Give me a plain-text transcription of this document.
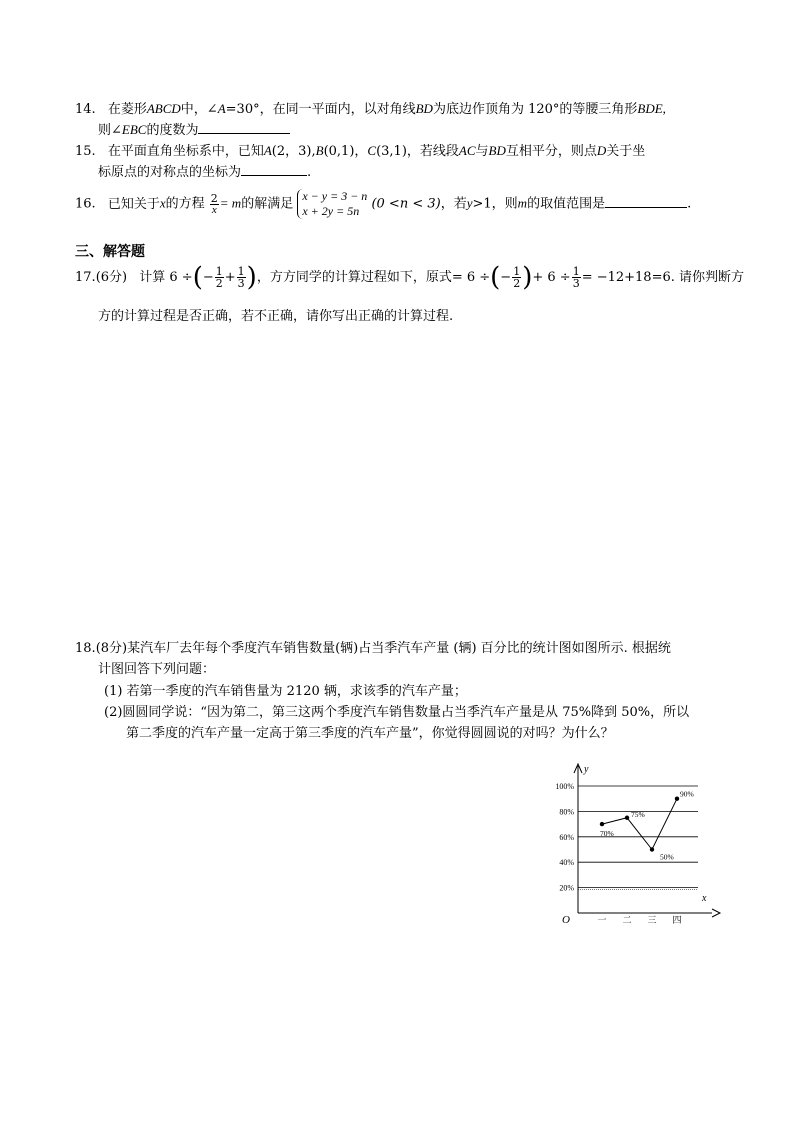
14. 在菱形ABCD中，∠A=30°，在同一平面内，以对角线BD为底边作顶角为 120°的等腰三角形BDE,
则∠EBC的度数为
15. 在平面直角坐标系中，已知A(2，3),B(0,1)，C(3,1)，若线段AC与BD互相平分，则点D关于坐
标原点的对称点的坐标为	.
16. 已知关于x的方程 $\frac{2}{x} = m$的解满足
x − y = 3 − n
x + 2y = 5n (0 <n < 3)，若y>1，则m的取值范围是	.
三、解答题
17.(6分) 计算 6 ÷(− $\frac{1}{2} + \frac{1}{3}$ )，方方同学的计算过程如下，原式= 6 ÷(− $\frac{1}{2}$ )+ $6 \div \frac{1}{3} = -12+18=6$. 请你判断方
方的计算过程是否正确，若不正确，请你写出正确的计算过程.
18.(8分)某汽车厂去年每个季度汽车销售数量(辆)占当季汽车产量 (辆) 百分比的统计图如图所示. 根据统
计图回答下列问题：
(1) 若第一季度的汽车销售量为 2120 辆，求该季的汽车产量；
(2)圆圆同学说：“因为第二，第三这两个季度汽车销售数量占当季汽车产量是从 75%降到 50%，所以
第二季度的汽车产量一定高于第三季度的汽车产量”，你觉得圆圆说的对吗？为什么？
20%
40%
60%
80%
100%
y
x
O	一 二 三 四
70%
75%
50%
90%
